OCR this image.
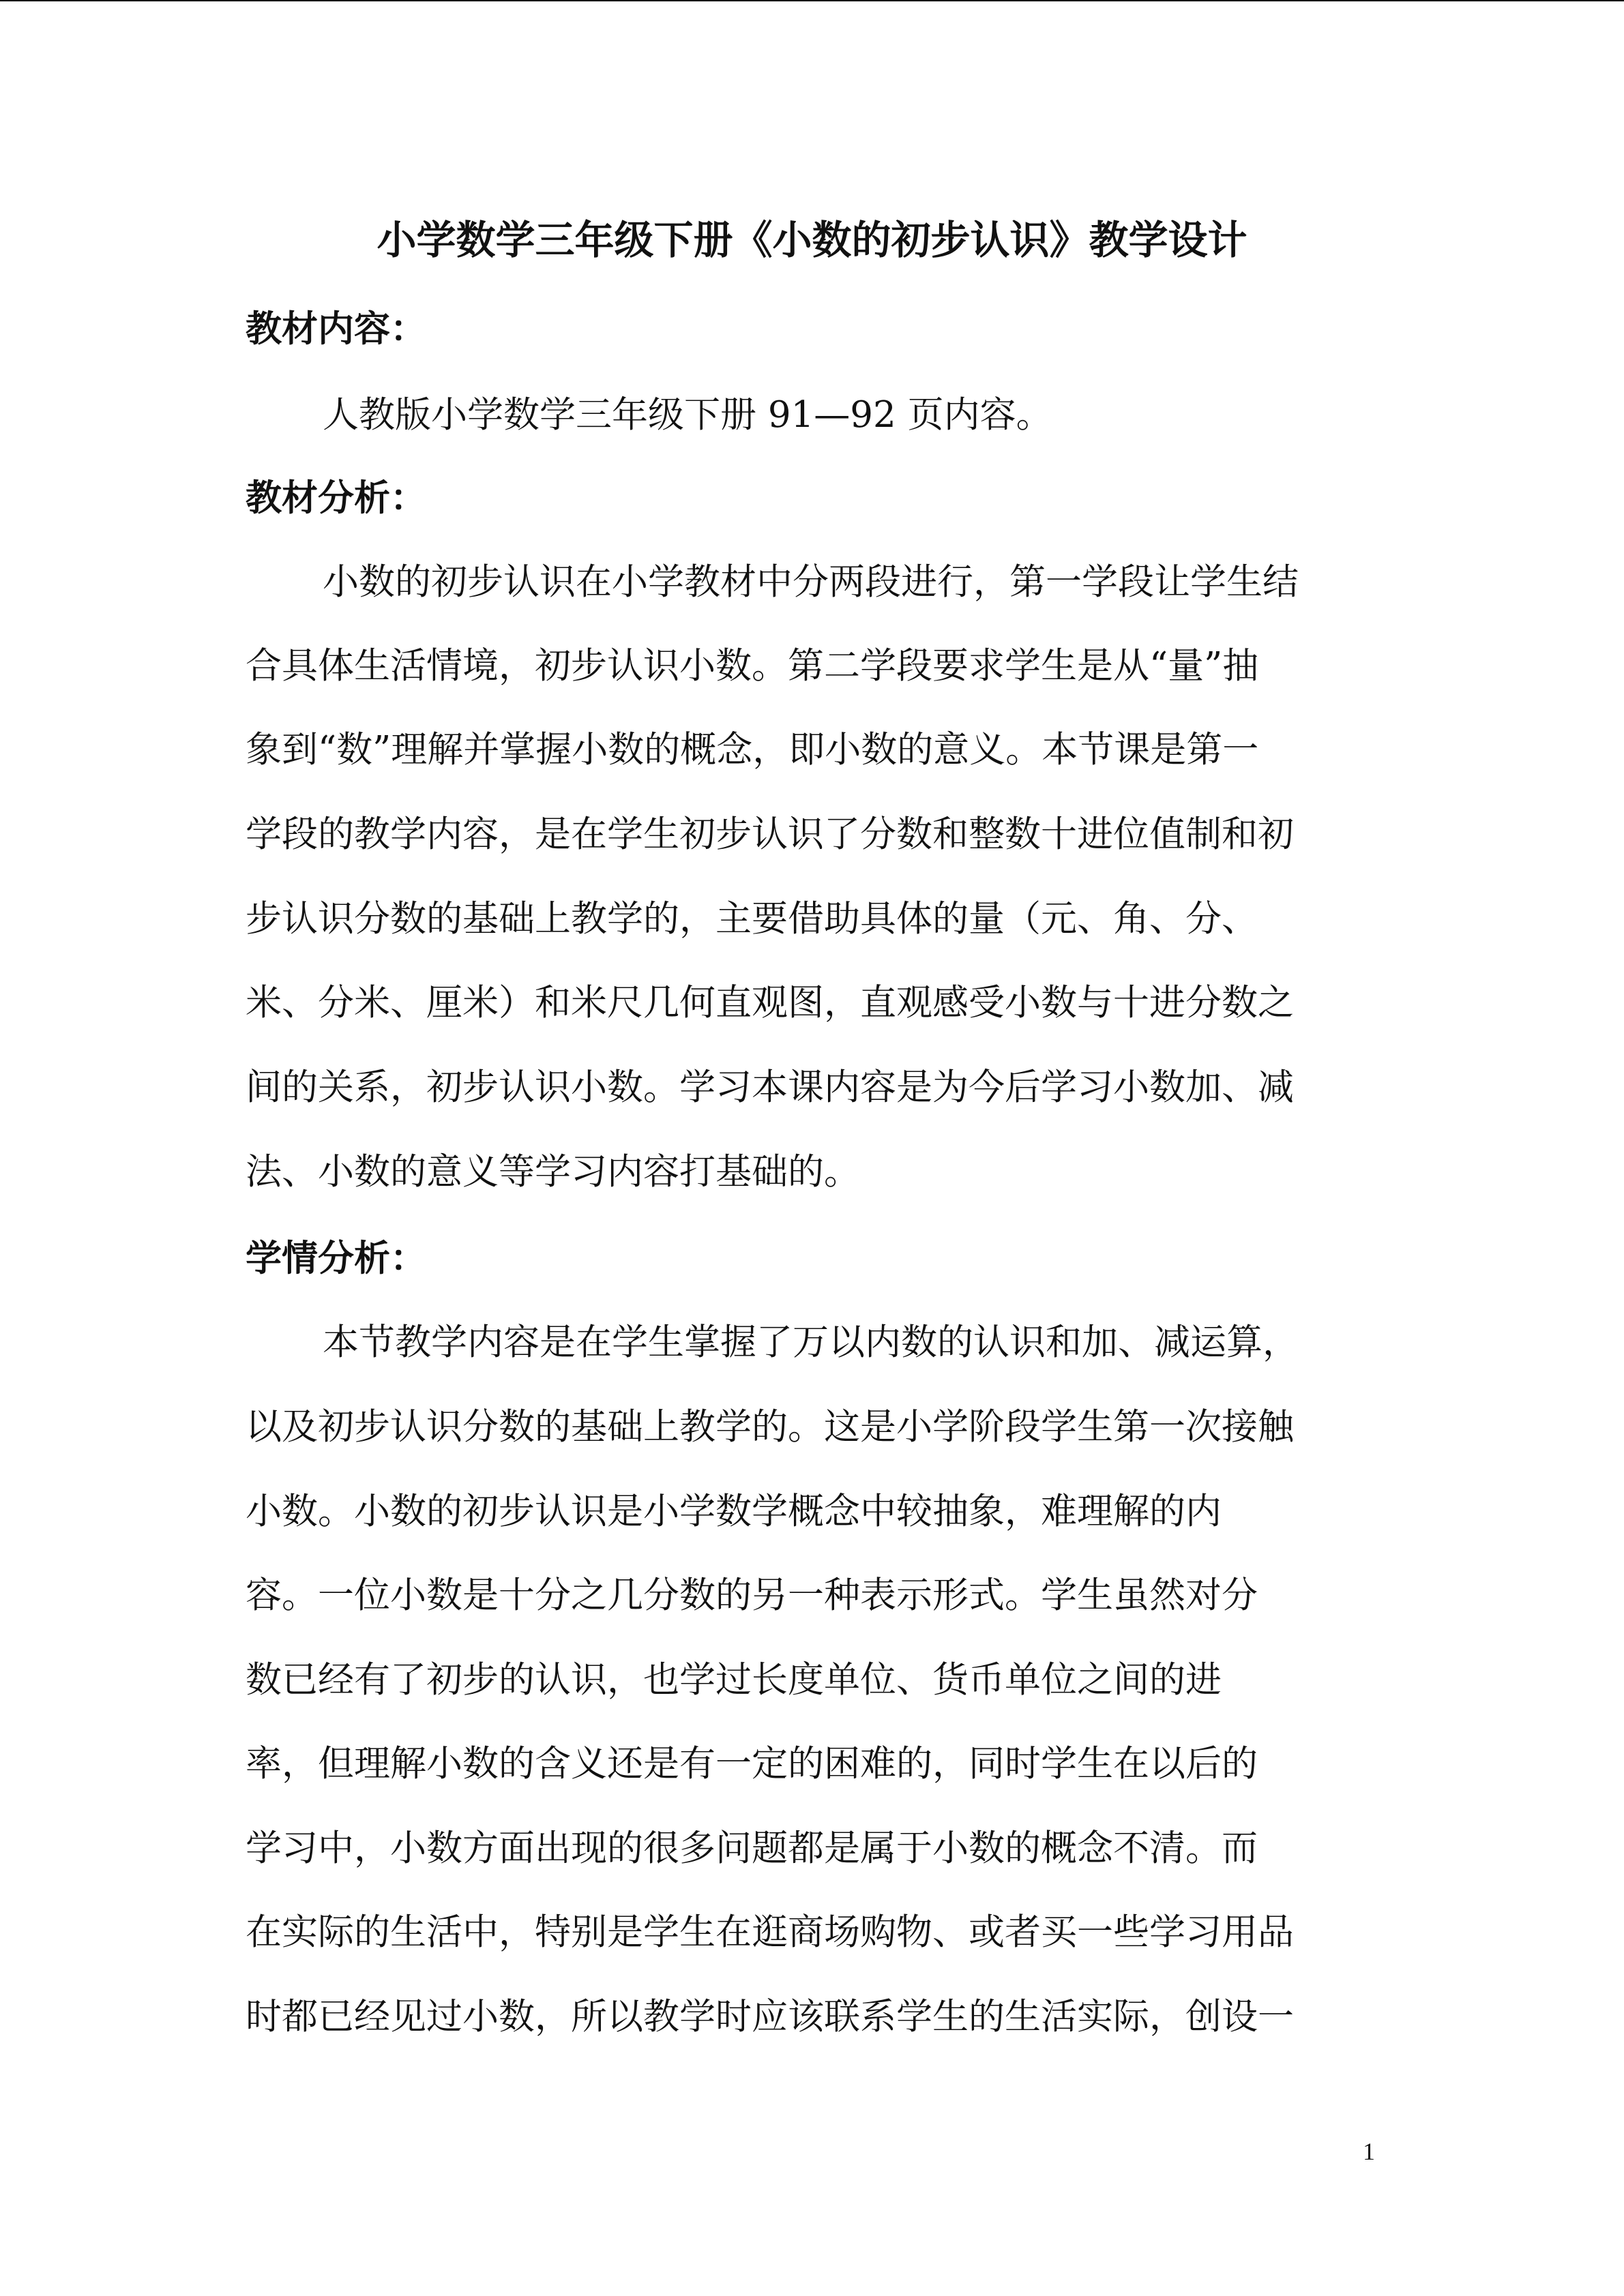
小学数学三年级下册《小数的初步认识》教学设计
教材内容：
人教版小学数学三年级下册 91—92 页内容。
教材分析：
小数的初步认识在小学教材中分两段进行，第一学段让学生结
合具体生活情境，初步认识小数。第二学段要求学生是从“量”抽
象到“数”理解并掌握小数的概念，即小数的意义。本节课是第一
学段的教学内容，是在学生初步认识了分数和整数十进位值制和初
步认识分数的基础上教学的，主要借助具体的量（元、角、分、
米、分米、厘米）和米尺几何直观图，直观感受小数与十进分数之
间的关系，初步认识小数。学习本课内容是为今后学习小数加、减
法、小数的意义等学习内容打基础的。
学情分析：
本节教学内容是在学生掌握了万以内数的认识和加、减运算，
以及初步认识分数的基础上教学的。这是小学阶段学生第一次接触
小数。小数的初步认识是小学数学概念中较抽象，难理解的内
容。一位小数是十分之几分数的另一种表示形式。学生虽然对分
数已经有了初步的认识，也学过长度单位、货币单位之间的进
率，但理解小数的含义还是有一定的困难的，同时学生在以后的
学习中，小数方面出现的很多问题都是属于小数的概念不清。而
在实际的生活中，特别是学生在逛商场购物、或者买一些学习用品
时都已经见过小数，所以教学时应该联系学生的生活实际，创设一
1
